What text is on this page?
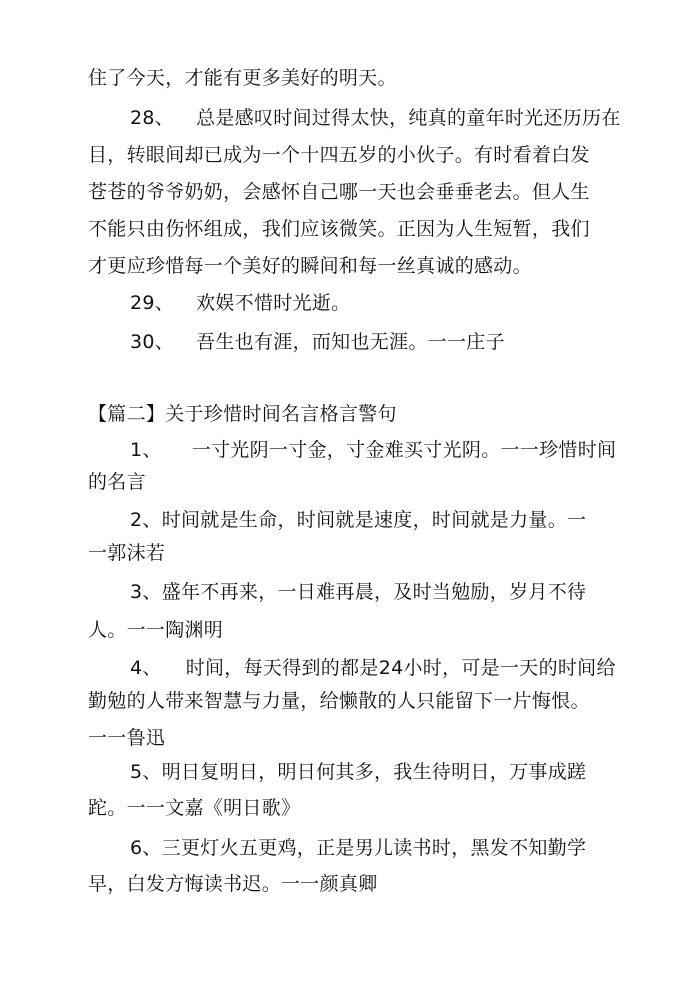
住了今天，才能有更多美好的明天。
28、 总是感叹时间过得太快，纯真的童年时光还历历在
目，转眼间却已成为一个十四五岁的小伙子。有时看着白发
苍苍的爷爷奶奶，会感怀自己哪一天也会垂垂老去。但人生
不能只由伤怀组成，我们应该微笑。正因为人生短暂，我们
才更应珍惜每一个美好的瞬间和每一丝真诚的感动。
29、 欢娱不惜时光逝。
30、 吾生也有涯，而知也无涯。一一庄子
【篇二】关于珍惜时间名言格言警句
1、 一寸光阴一寸金，寸金难买寸光阴。一一珍惜时间
的名言
2、时间就是生命，时间就是速度，时间就是力量。一
一郭沫若
3、盛年不再来，一日难再晨，及时当勉励，岁月不待
人。一一陶渊明
4、 时间，每天得到的都是24小时，可是一天的时间给
勤勉的人带来智慧与力量，给懒散的人只能留下一片悔恨。
一一鲁迅
5、明日复明日，明日何其多，我生待明日，万事成蹉
跎。一一文嘉《明日歌》
6、三更灯火五更鸡，正是男儿读书时，黑发不知勤学
早，白发方悔读书迟。一一颜真卿
